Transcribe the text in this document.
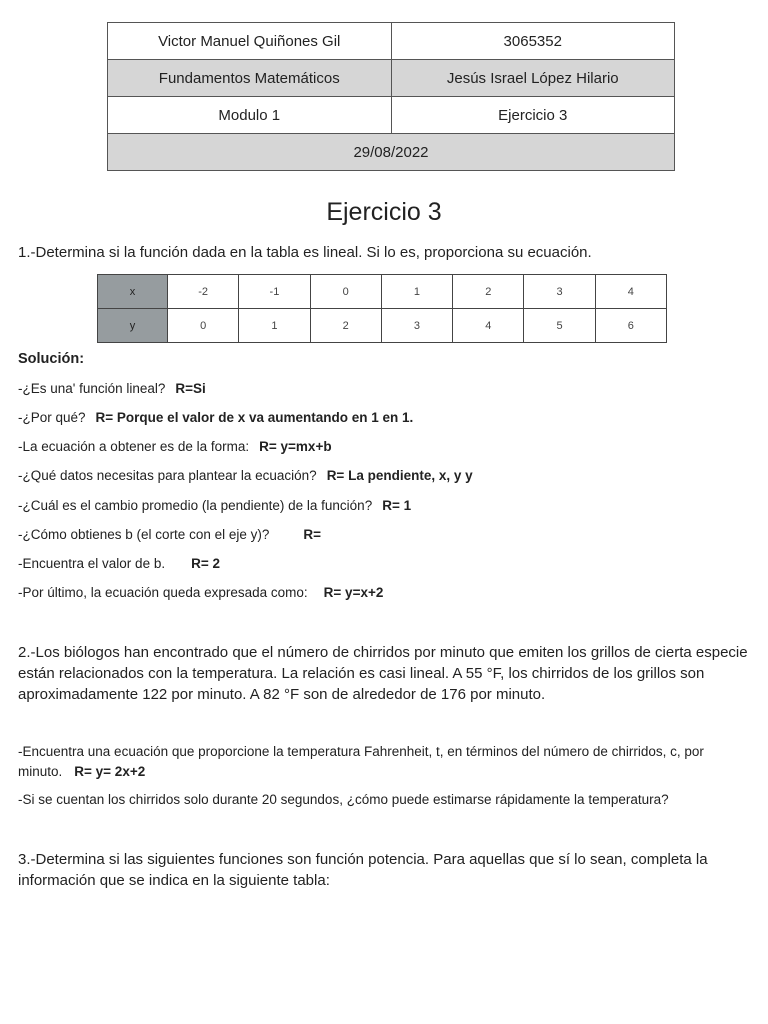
Victor Manuel Quiñones Gil	3065352
Fundamentos Matemáticos	Jesús Israel López Hilario
Modulo 1	Ejercicio 3
29/08/2022	
Ejercicio 3
1.-Determina si la función dada en la tabla es lineal. Si lo es, proporciona su ecuación.
x	-2	-1	0	1	2	3	4
y	0	1	2	3	4	5	6
Solución:
-¿Es una' función lineal? R=Si
-¿Por qué? R= Porque el valor de x va aumentando en 1 en 1.
-La ecuación a obtener es de la forma: R= y=mx+b
-¿Qué datos necesitas para plantear la ecuación? R= La pendiente, x, y y
-¿Cuál es el cambio promedio (la pendiente) de la función? R= 1
-¿Cómo obtienes b (el corte con el eje y)?	R=
-Encuentra el valor de b. R= 2
-Por último, la ecuación queda expresada como: R= y=x+2
2.-Los biólogos han encontrado que el número de chirridos por minuto que emiten los grillos de cierta especie están relacionados con la temperatura. La relación es casi lineal. A 55 °F, los chirridos de los grillos son aproximadamente 122 por minuto. A 82 °F son de alrededor de 176 por minuto.
-Encuentra una ecuación que proporcione la temperatura Fahrenheit, t, en términos del número de chirridos, c, por minuto. R= y= 2x+2
-Si se cuentan los chirridos solo durante 20 segundos, ¿cómo puede estimarse rápidamente la temperatura?
3.-Determina si las siguientes funciones son función potencia. Para aquellas que sí lo sean, completa la información que se indica en la siguiente tabla:
